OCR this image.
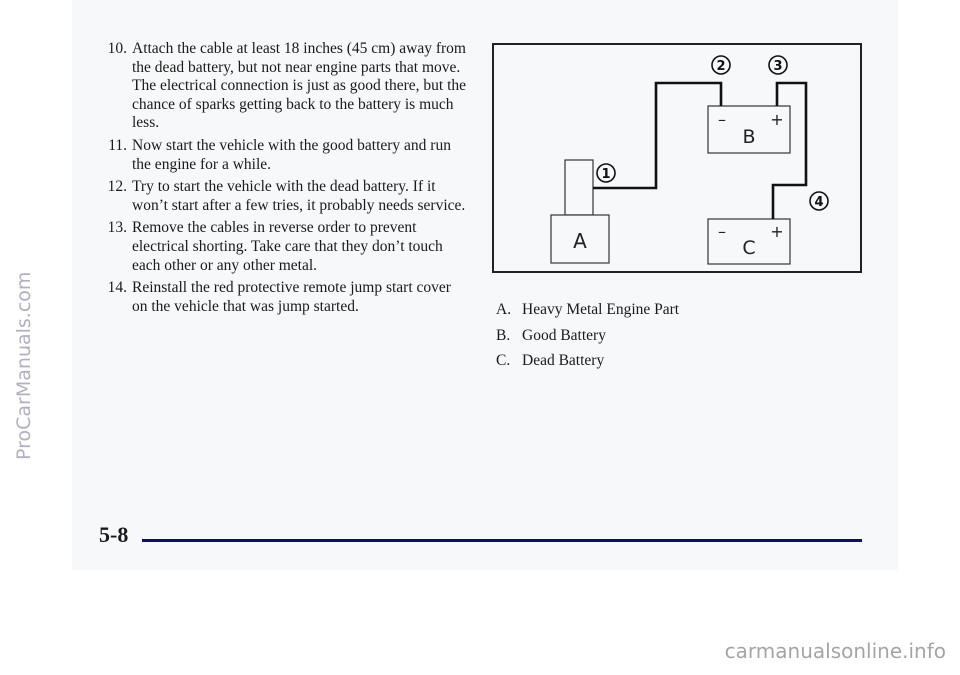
10. Attach the cable at least 18 inches (45 cm) away from the dead battery, but not near engine parts that move. The electrical connection is just as good there, but the chance of sparks getting back to the battery is much less.
11. Now start the vehicle with the good battery and run the engine for a while.
12. Try to start the vehicle with the dead battery. If it won’t start after a few tries, it probably needs service.
13. Remove the cables in reverse order to prevent electrical shorting. Take care that they don’t touch each other or any other metal.
14. Reinstall the red protective remote jump start cover on the vehicle that was jump started.
A
B
–	+
C
–	+
1
2	3
4
A. Heavy Metal Engine Part
B. Good Battery
C. Dead Battery
5-8
ProCarManuals.com
carmanualsonline.info
